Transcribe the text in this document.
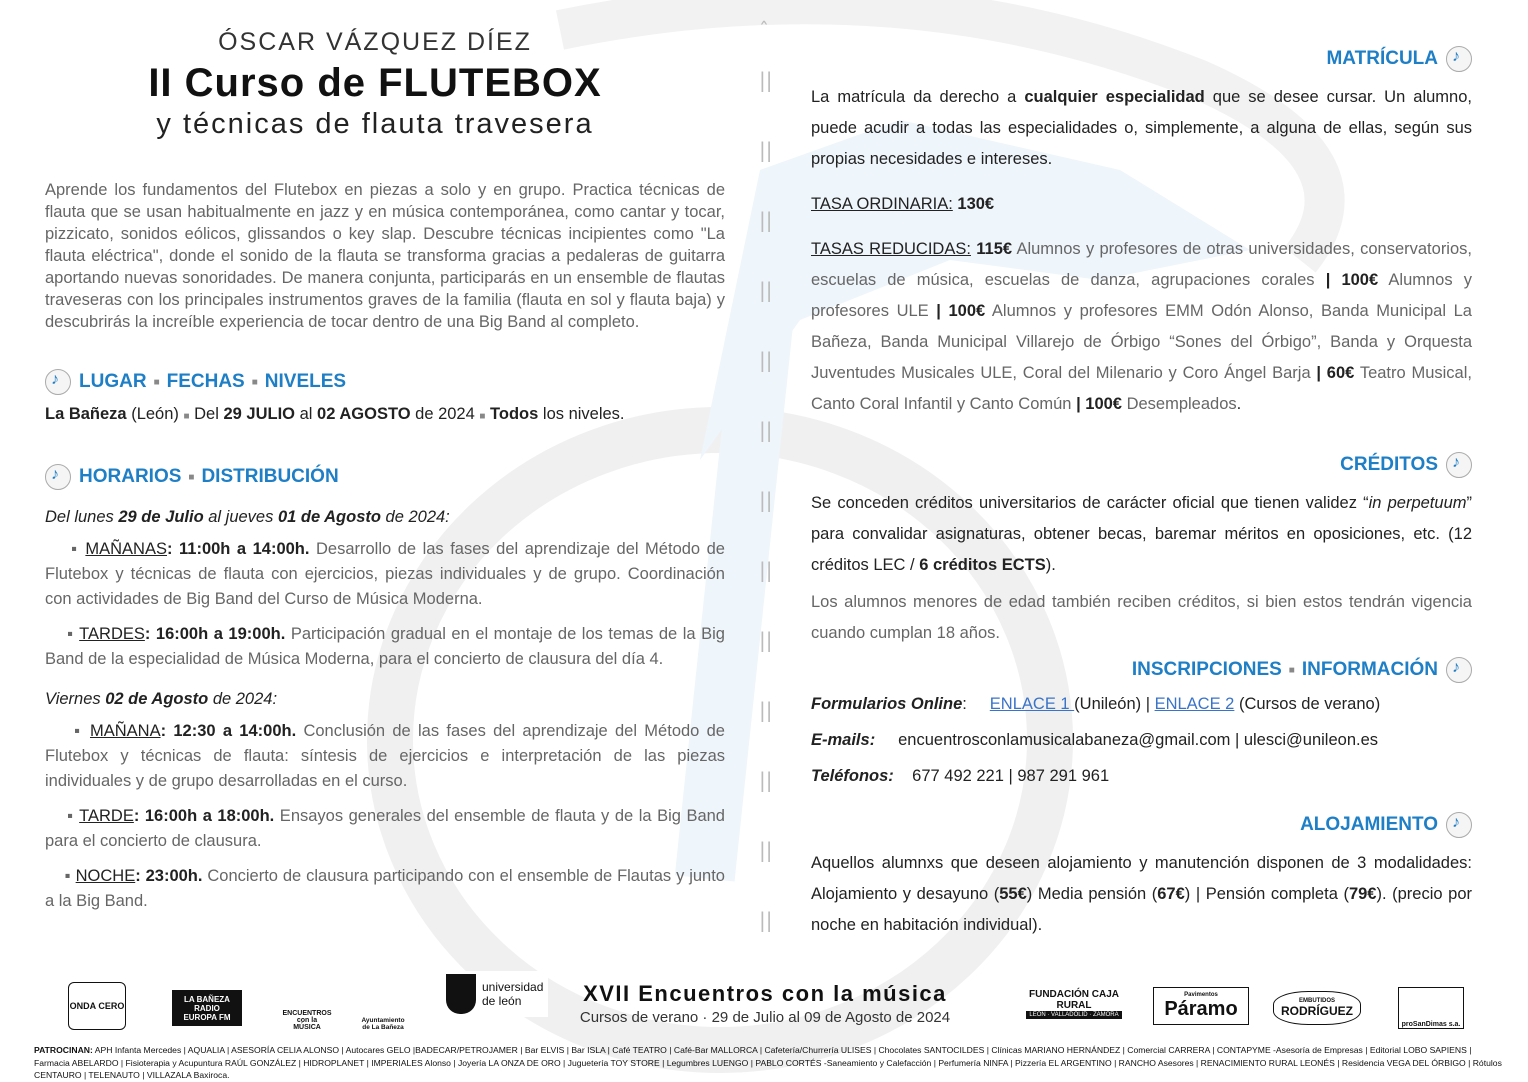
ˆ
||
||
||
||
||
||
||
||
||
||
||
||
||
ÓSCAR VÁZQUEZ DÍEZ
II Curso de FLUTEBOX
y técnicas de flauta travesera
Aprende los fundamentos del Flutebox en piezas a solo y en grupo. Practica técnicas de flauta que se usan habitualmente en jazz y en música contemporánea, como cantar y tocar, pizzicato, sonidos eólicos, glissandos o key slap. Descubre técnicas incipientes como "La flauta eléctrica", donde el sonido de la flauta se transforma gracias a pedaleras de guitarra aportando nuevas sonoridades. De manera conjunta, participarás en un ensemble de flautas traveseras con los principales instrumentos graves de la familia (flauta en sol y flauta baja) y descubrirás la increíble experiencia de tocar dentro de una Big Band al completo.
♪
LUGAR ■ FECHAS ■ NIVELES
La Bañeza (León) ■ Del 29 JULIO al 02 AGOSTO de 2024 ■ Todos los niveles.
♪
HORARIOS ■ DISTRIBUCIÓN
Del lunes 29 de Julio al jueves 01 de Agosto de 2024:
▪ MAÑANAS: 11:00h a 14:00h. Desarrollo de las fases del aprendizaje del Método de Flutebox y técnicas de flauta con ejercicios, piezas individuales y de grupo. Coordinación con actividades de Big Band del Curso de Música Moderna.
▪ TARDES: 16:00h a 19:00h. Participación gradual en el montaje de los temas de la Big Band de la especialidad de Música Moderna, para el concierto de clausura del día 4.
Viernes 02 de Agosto de 2024:
▪ MAÑANA: 12:30 a 14:00h. Conclusión de las fases del aprendizaje del Método de Flutebox y técnicas de flauta: síntesis de ejercicios e interpretación de las piezas individuales y de grupo desarrolladas en el curso.
▪ TARDE: 16:00h a 18:00h. Ensayos generales del ensemble de flauta y de la Big Band para el concierto de clausura.
▪ NOCHE: 23:00h. Concierto de clausura participando con el ensemble de Flautas y junto a la Big Band.
MATRÍCULA
♪
La matrícula da derecho a cualquier especialidad que se desee cursar. Un alumno, puede acudir a todas las especialidades o, simplemente, a alguna de ellas, según sus propias necesidades e intereses.
TASA ORDINARIA: 130€
TASAS REDUCIDAS: 115€ Alumnos y profesores de otras universidades, conservatorios, escuelas de música, escuelas de danza, agrupaciones corales | 100€ Alumnos y profesores ULE | 100€ Alumnos y profesores EMM Odón Alonso, Banda Municipal La Bañeza, Banda Municipal Villarejo de Órbigo “Sones del Órbigo”, Banda y Orquesta Juventudes Musicales ULE, Coral del Milenario y Coro Ángel Barja | 60€ Teatro Musical, Canto Coral Infantil y Canto Común | 100€ Desempleados.
CRÉDITOS
♪
Se conceden créditos universitarios de carácter oficial que tienen validez “in perpetuum” para convalidar asignaturas, obtener becas, baremar méritos en oposiciones, etc. (12 créditos LEC / 6 créditos ECTS).
Los alumnos menores de edad también reciben créditos, si bien estos tendrán vigencia cuando cumplan 18 años.
INSCRIPCIONES ■ INFORMACIÓN
♪
Formularios Online: ENLACE 1 (Unileón) | ENLACE 2 (Cursos de verano)
E-mails: encuentrosconlamusicalabaneza@gmail.com | ulesci@unileon.es
Teléfonos: 677 492 221 | 987 291 961
ALOJAMIENTO
♪
Aquellos alumnxs que deseen alojamiento y manutención disponen de 3 modalidades: Alojamiento y desayuno (55€) Media pensión (67€) | Pensión completa (79€). (precio por noche en habitación individual).
ONDA CERO
LA BAÑEZA RADIO
EUROPA FM	ENCUENTROS con la MÚSICA
Ayuntamiento de La Bañeza
universidad de león	XVII Encuentros con la música
Cursos de verano · 29 de Julio al 09 de Agosto de 2024
FUNDACIÓN CAJA RURAL
LEÓN · VALLADOLID · ZAMORA
Pavimentos
Páramo	EMBUTIDOS
RODRÍGUEZ
proSanDimas s.a.
PATROCINAN: APH Infanta Mercedes | AQUALIA | ASESORÍA CELIA ALONSO | Autocares GELO |BADECAR/PETROJAMER | Bar ELVIS | Bar ISLA | Café TEATRO | Café-Bar MALLORCA | Cafetería/Churrería ULISES | Chocolates SANTOCILDES | Clínicas MARIANO HERNÁNDEZ | Comercial CARRERA | CONTAPYME -Asesoría de Empresas | Editorial LOBO SAPIENS | Farmacia ABELARDO | Fisioterapia y Acupuntura RAÚL GONZÁLEZ | HIDROPLANET | IMPERIALES Alonso | Joyería LA ONZA DE ORO | Juguetería TOY STORE | Legumbres LUENGO | PABLO CORTÉS -Saneamiento y Calefacción | Perfumería NINFA | Pizzería EL ARGENTINO | RANCHO Asesores | RENACIMIENTO RURAL LEONÉS | Residencia VEGA DEL ÓRBIGO | Rótulos CENTAURO | TELENAUTO | VILLAZALA Baxiroca.
